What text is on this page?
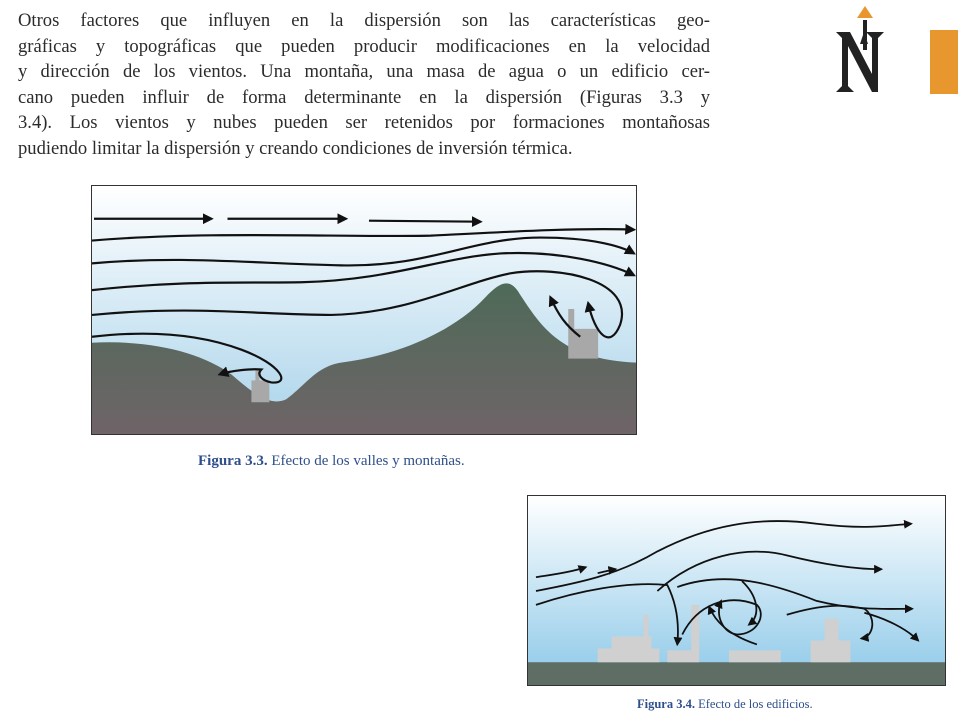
Otros factores que influyen en la dispersión son las características geo-
gráficas y topográficas que pueden producir modificaciones en la velocidad
y dirección de los vientos. Una montaña, una masa de agua o un edificio cer-
cano pueden influir de forma determinante en la dispersión (Figuras 3.3 y
3.4). Los vientos y nubes pueden ser retenidos por formaciones montañosas
pudiendo limitar la dispersión y creando condiciones de inversión térmica.
Figura 3.3. Efecto de los valles y montañas.
Figura 3.4. Efecto de los edificios.
